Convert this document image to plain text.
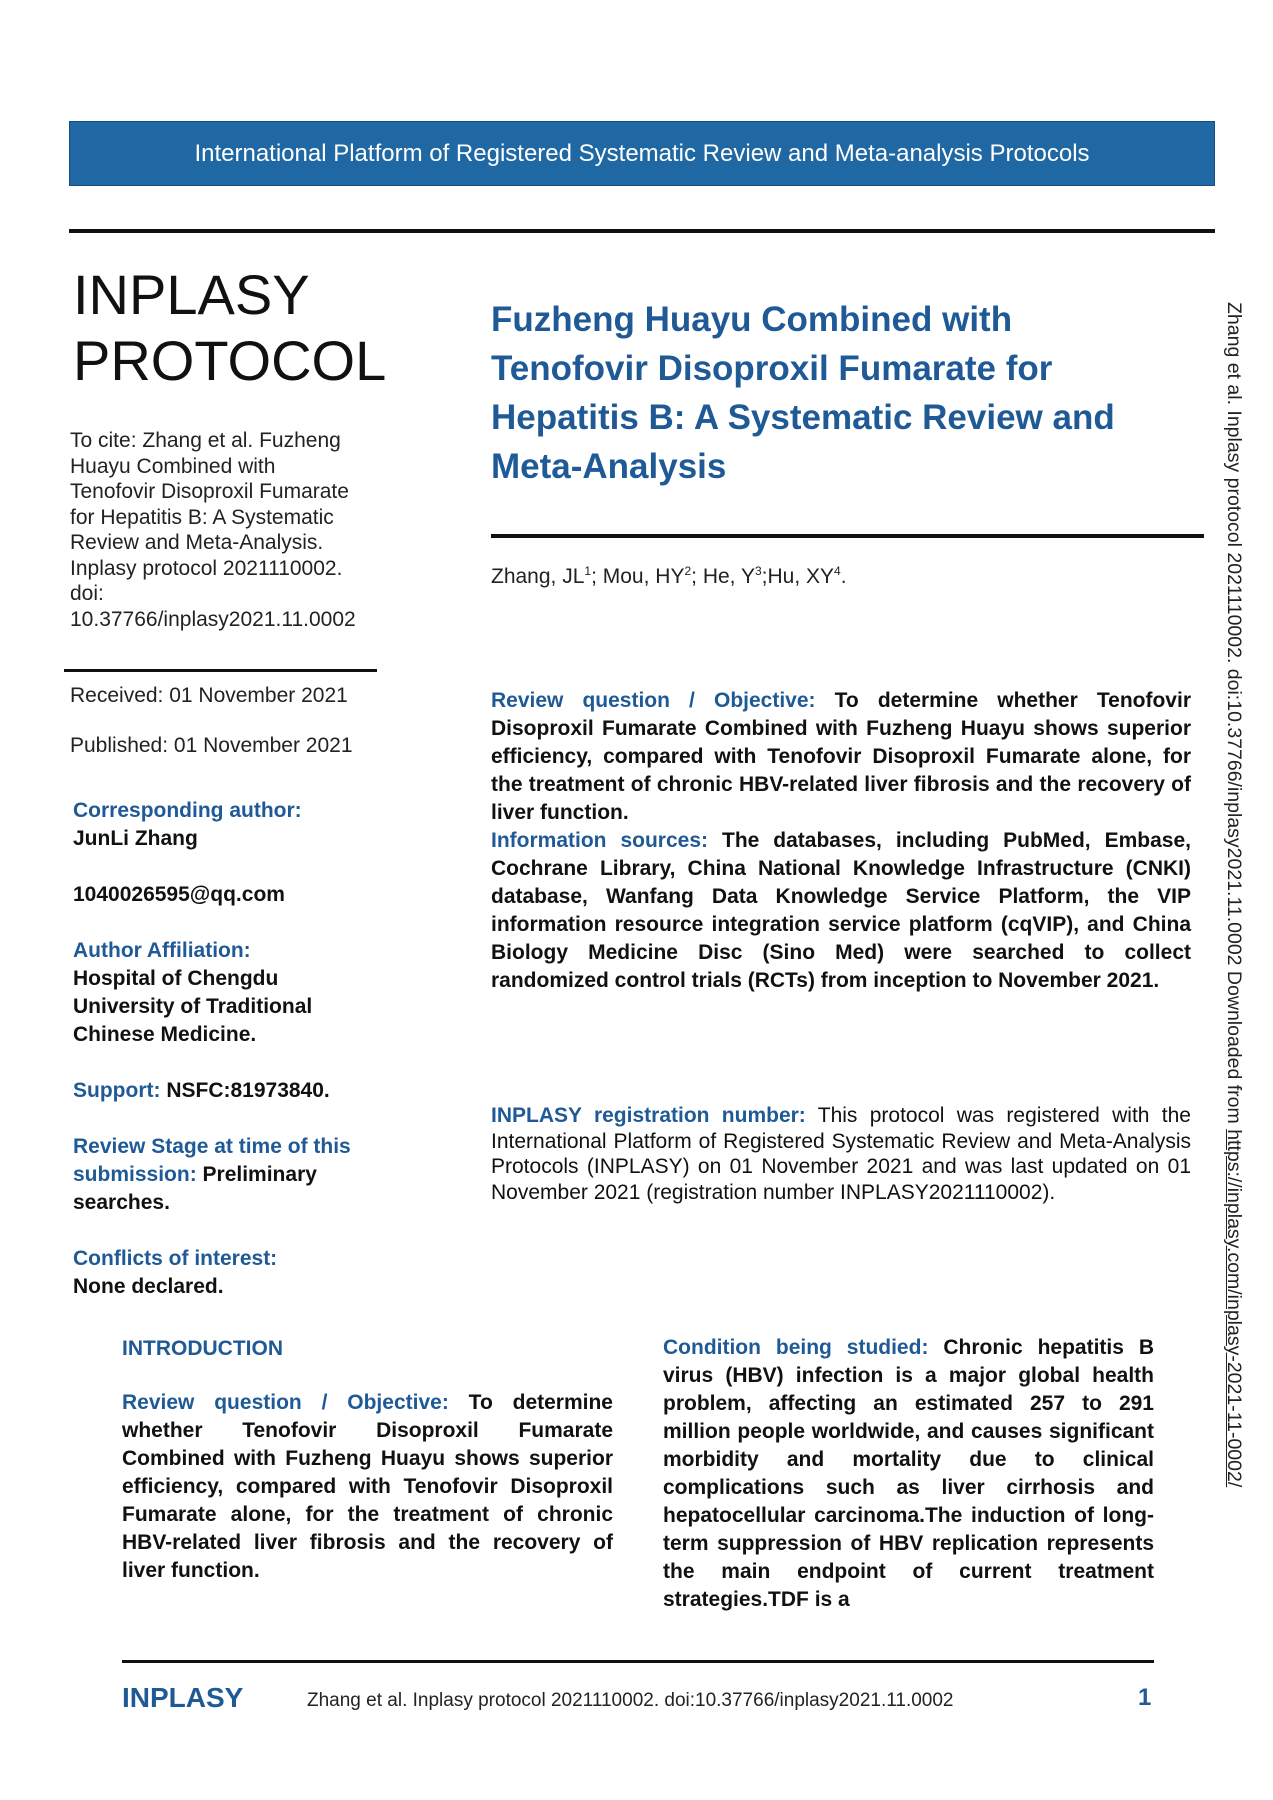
International Platform of Registered Systematic Review and Meta-analysis Protocols
INPLASY
PROTOCOL
To cite: Zhang et al. Fuzheng
Huayu Combined with
Tenofovir Disoproxil Fumarate
for Hepatitis B: A Systematic
Review and Meta-Analysis.
Inplasy protocol 2021110002.
doi:
10.37766/inplasy2021.11.0002
Received: 01 November 2021
Published: 01 November 2021
Corresponding author:
JunLi Zhang
1040026595@qq.com
Author Affiliation:
Hospital of Chengdu
University of Traditional
Chinese Medicine.
Support: NSFC:81973840.
Review Stage at time of this
submission: Preliminary
searches.
Conflicts of interest:
None declared.
Fuzheng Huayu Combined with
Tenofovir Disoproxil Fumarate for
Hepatitis B: A Systematic Review and
Meta-Analysis
Zhang, $JL^1$; Mou, $HY^2$; He, $Y^3;Hu$, $XY^4$.
Review question / Objective: To determine whether Tenofovir Disoproxil Fumarate Combined with Fuzheng Huayu shows superior efficiency, compared with Tenofovir Disoproxil Fumarate alone, for the treatment of chronic HBV-related liver fibrosis and the recovery of liver function.
Information sources: The databases, including PubMed, Embase, Cochrane Library, China National Knowledge Infrastructure (CNKI) database, Wanfang Data Knowledge Service Platform, the VIP information resource integration service platform (cqVIP), and China Biology Medicine Disc (Sino Med) were searched to collect randomized control trials (RCTs) from inception to November 2021.
INPLASY registration number: This protocol was registered with the International Platform of Registered Systematic Review and Meta-Analysis Protocols (INPLASY) on 01 November 2021 and was last updated on 01 November 2021 (registration number INPLASY2021110002).
INTRODUCTION
Review question / Objective: To determine whether Tenofovir Disoproxil Fumarate Combined with Fuzheng Huayu shows superior efficiency, compared with Tenofovir Disoproxil Fumarate alone, for the treatment of chronic HBV-related liver fibrosis and the recovery of liver function.
Condition being studied: Chronic hepatitis B virus (HBV) infection is a major global health problem, affecting an estimated 257 to 291 million people worldwide, and causes significant morbidity and mortality due to clinical complications such as liver cirrhosis and hepatocellular carcinoma.The induction of long-term suppression of HBV replication represents the main endpoint of current treatment strategies.TDF is a
Zhang et al. Inplasy protocol 2021110002. doi:10.37766/inplasy2021.11.0002 Downloaded from https://inplasy.com/inplasy-2021-11-0002/
INPLASY	Zhang et al. Inplasy protocol 2021110002. doi:10.37766/inplasy2021.11.0002	1
